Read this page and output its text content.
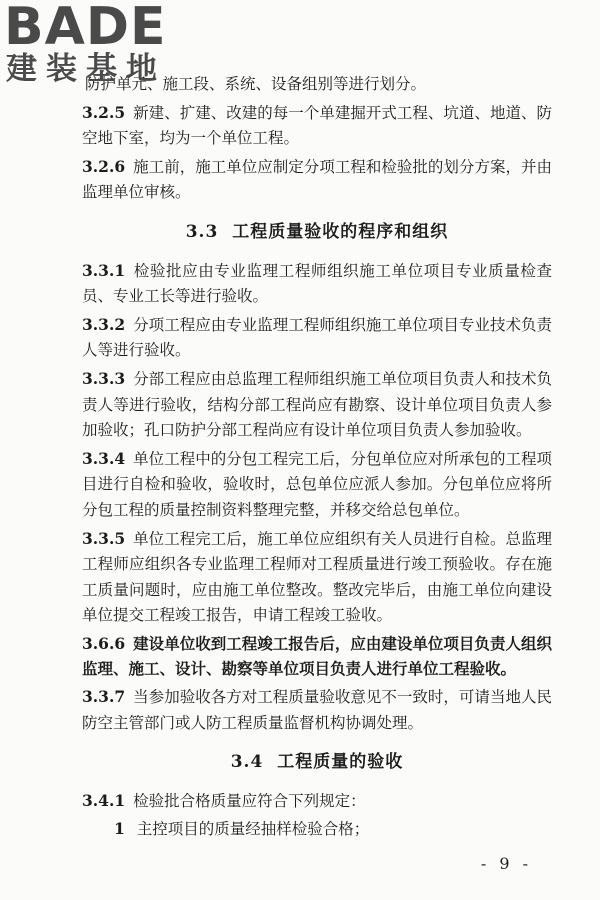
BADE
建装基地

防护单元、施工段、系统、设备组别等进行划分。

3.2.5 新建、扩建、改建的每一个单建掘开式工程、坑道、地道、防空地下室，均为一个单位工程。

3.2.6 施工前，施工单位应制定分项工程和检验批的划分方案，并由监理单位审核。

3.3 工程质量验收的程序和组织

3.3.1 检验批应由专业监理工程师组织施工单位项目专业质量检查员、专业工长等进行验收。

3.3.2 分项工程应由专业监理工程师组织施工单位项目专业技术负责人等进行验收。

3.3.3 分部工程应由总监理工程师组织施工单位项目负责人和技术负责人等进行验收，结构分部工程尚应有勘察、设计单位项目负责人参加验收；孔口防护分部工程尚应有设计单位项目负责人参加验收。

3.3.4 单位工程中的分包工程完工后，分包单位应对所承包的工程项目进行自检和验收，验收时，总包单位应派人参加。分包单位应将所分包工程的质量控制资料整理完整，并移交给总包单位。

3.3.5 单位工程完工后，施工单位应组织有关人员进行自检。总监理工程师应组织各专业监理工程师对工程质量进行竣工预验收。存在施工质量问题时，应由施工单位整改。整改完毕后，由施工单位向建设单位提交工程竣工报告，申请工程竣工验收。

3.6.6 建设单位收到工程竣工报告后，应由建设单位项目负责人组织监理、施工、设计、勘察等单位项目负责人进行单位工程验收。

3.3.7 当参加验收各方对工程质量验收意见不一致时，可请当地人民防空主管部门或人防工程质量监督机构协调处理。

3.4 工程质量的验收

3.4.1 检验批合格质量应符合下列规定：

1 主控项目的质量经抽样检验合格；

- 9 -
